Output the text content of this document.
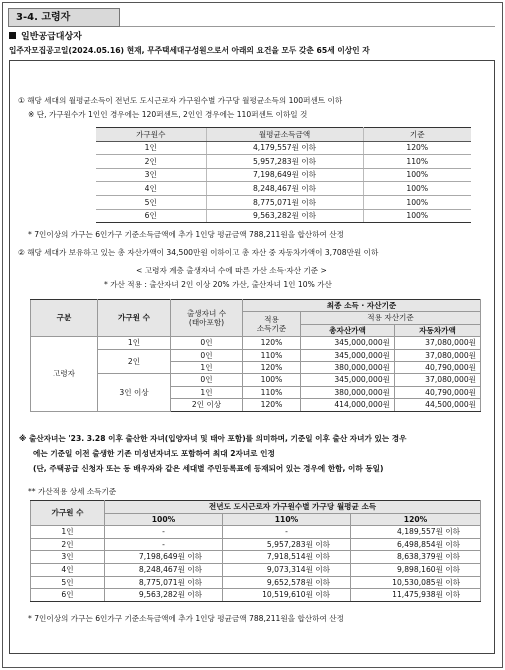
3-4. 고령자
일반공급대상자
입주자모집공고일(2024.05.16) 현재, 무주택세대구성원으로서 아래의 요건을 모두 갖춘 65세 이상인 자
① 해당 세대의 월평균소득이 전년도 도시근로자 가구원수별 가구당 월평균소득의 100퍼센트 이하
※ 단, 가구원수가 1인인 경우에는 120퍼센트, 2인인 경우에는 110퍼센트 이하일 것
가구원수	월평균소득금액	기준
1인	4,179,557원 이하	120%
2인	5,957,283원 이하	110%
3인	7,198,649원 이하	100%
4인	8,248,467원 이하	100%
5인	8,775,071원 이하	100%
6인	9,563,282원 이하	100%
* 7인이상의 가구는 6인가구 기준소득금액에 추가 1인당 평균금액 788,211원을 합산하여 산정
② 해당 세대가 보유하고 있는 총 자산가액이 34,500만원 이하이고 총 자산 중 자동차가액이 3,708만원 이하
< 고령자 계층 출생자녀 수에 따른 가산 소득·자산 기준 >
* 가산 적용 : 출산자녀 2인 이상 20% 가산, 출산자녀 1인 10% 가산
구분	가구원 수	출생자녀 수
(태아포함)	최종 소득 · 자산기준		
			적용
소득기준	적용 자산기준	
				총자산가액	자동차가액
고령자	1인	0인	120%	345,000,000원	37,080,000원
	2인	0인	110%	345,000,000원	37,080,000원
		1인	120%	380,000,000원	40,790,000원
	3인 이상	0인	100%	345,000,000원	37,080,000원
		1인	110%	380,000,000원	40,790,000원
		2인 이상	120%	414,000,000원	44,500,000원
※ 출산자녀는 '23. 3.28 이후 출산한 자녀(입양자녀 및 태아 포함)를 의미하며, 기준일 이후 출산 자녀가 있는 경우
에는 기준일 이전 출생한 기존 미성년자녀도 포함하여 최대 2자녀로 인정
(단, 주택공급 신청자 또는 동 배우자와 같은 세대별 주민등록표에 등재되어 있는 경우에 한함, 이하 동일)
** 가산적용 상세 소득기준
가구원 수	전년도 도시근로자 가구원수별 가구당 월평균 소득		
	100%	110%	120%
1인	-	-	4,189,557원 이하
2인	-	5,957,283원 이하	6,498,854원 이하
3인	7,198,649원 이하	7,918,514원 이하	8,638,379원 이하
4인	8,248,467원 이하	9,073,314원 이하	9,898,160원 이하
5인	8,775,071원 이하	9,652,578원 이하	10,530,085원 이하
6인	9,563,282원 이하	10,519,610원 이하	11,475,938원 이하
* 7인이상의 가구는 6인가구 기준소득금액에 추가 1인당 평균금액 788,211원을 합산하여 산정
